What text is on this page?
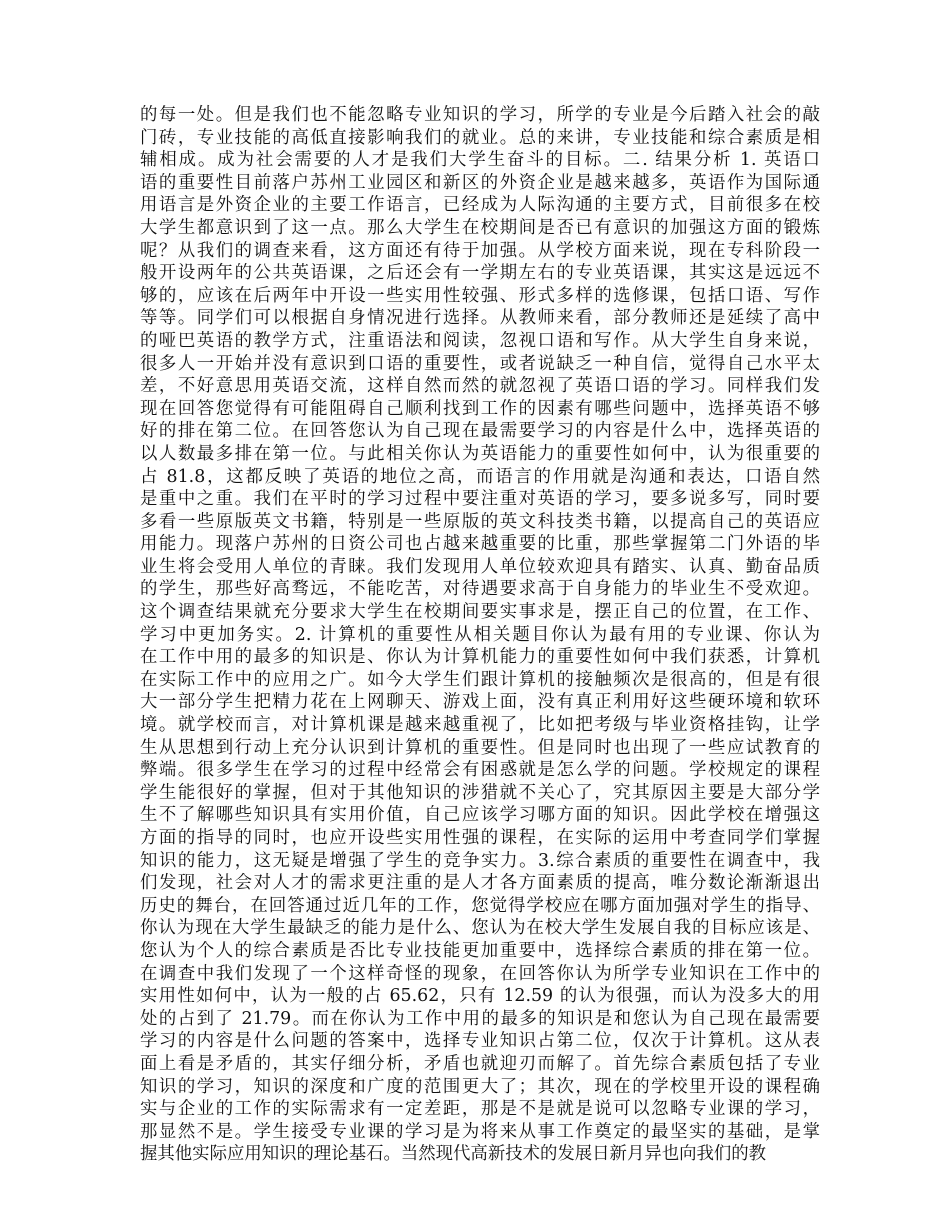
的每一处。但是我们也不能忽略专业知识的学习，所学的专业是今后踏入社会的敲
门砖，专业技能的高低直接影响我们的就业。总的来讲，专业技能和综合素质是相
辅相成。成为社会需要的人才是我们大学生奋斗的目标。二. 结果分析 1. 英语口
语的重要性目前落户苏州工业园区和新区的外资企业是越来越多，英语作为国际通
用语言是外资企业的主要工作语言，已经成为人际沟通的主要方式，目前很多在校
大学生都意识到了这一点。那么大学生在校期间是否已有意识的加强这方面的锻炼
呢？从我们的调查来看，这方面还有待于加强。从学校方面来说，现在专科阶段一
般开设两年的公共英语课，之后还会有一学期左右的专业英语课，其实这是远远不
够的，应该在后两年中开设一些实用性较强、形式多样的选修课，包括口语、写作
等等。同学们可以根据自身情况进行选择。从教师来看，部分教师还是延续了高中
的哑巴英语的教学方式，注重语法和阅读，忽视口语和写作。从大学生自身来说，
很多人一开始并没有意识到口语的重要性，或者说缺乏一种自信，觉得自己水平太
差，不好意思用英语交流，这样自然而然的就忽视了英语口语的学习。同样我们发
现在回答您觉得有可能阻碍自己顺利找到工作的因素有哪些问题中，选择英语不够
好的排在第二位。在回答您认为自己现在最需要学习的内容是什么中，选择英语的
以人数最多排在第一位。与此相关你认为英语能力的重要性如何中，认为很重要的
占 81.8，这都反映了英语的地位之高，而语言的作用就是沟通和表达，口语自然
是重中之重。我们在平时的学习过程中要注重对英语的学习，要多说多写，同时要
多看一些原版英文书籍，特别是一些原版的英文科技类书籍，以提高自己的英语应
用能力。现落户苏州的日资公司也占越来越重要的比重，那些掌握第二门外语的毕
业生将会受用人单位的青睐。我们发现用人单位较欢迎具有踏实、认真、勤奋品质
的学生，那些好高骛远，不能吃苦，对待遇要求高于自身能力的毕业生不受欢迎。
这个调查结果就充分要求大学生在校期间要实事求是，摆正自己的位置，在工作、
学习中更加务实。2. 计算机的重要性从相关题目你认为最有用的专业课、你认为
在工作中用的最多的知识是、你认为计算机能力的重要性如何中我们获悉，计算机
在实际工作中的应用之广。如今大学生们跟计算机的接触频次是很高的，但是有很
大一部分学生把精力花在上网聊天、游戏上面，没有真正利用好这些硬环境和软环
境。就学校而言，对计算机课是越来越重视了，比如把考级与毕业资格挂钩，让学
生从思想到行动上充分认识到计算机的重要性。但是同时也出现了一些应试教育的
弊端。很多学生在学习的过程中经常会有困惑就是怎么学的问题。学校规定的课程
学生能很好的掌握，但对于其他知识的涉猎就不关心了，究其原因主要是大部分学
生不了解哪些知识具有实用价值，自己应该学习哪方面的知识。因此学校在增强这
方面的指导的同时，也应开设些实用性强的课程，在实际的运用中考查同学们掌握
知识的能力，这无疑是增强了学生的竞争实力。3.综合素质的重要性在调查中，我
们发现，社会对人才的需求更注重的是人才各方面素质的提高，唯分数论渐渐退出
历史的舞台，在回答通过近几年的工作，您觉得学校应在哪方面加强对学生的指导、
你认为现在大学生最缺乏的能力是什么、您认为在校大学生发展自我的目标应该是、
您认为个人的综合素质是否比专业技能更加重要中，选择综合素质的排在第一位。
在调查中我们发现了一个这样奇怪的现象，在回答你认为所学专业知识在工作中的
实用性如何中，认为一般的占 65.62，只有 12.59 的认为很强，而认为没多大的用
处的占到了 21.79。而在你认为工作中用的最多的知识是和您认为自己现在最需要
学习的内容是什么问题的答案中，选择专业知识占第二位，仅次于计算机。这从表
面上看是矛盾的，其实仔细分析，矛盾也就迎刃而解了。首先综合素质包括了专业
知识的学习，知识的深度和广度的范围更大了；其次，现在的学校里开设的课程确
实与企业的工作的实际需求有一定差距，那是不是就是说可以忽略专业课的学习，
那显然不是。学生接受专业课的学习是为将来从事工作奠定的最坚实的基础，是掌
握其他实际应用知识的理论基石。当然现代高新技术的发展日新月异也向我们的教
